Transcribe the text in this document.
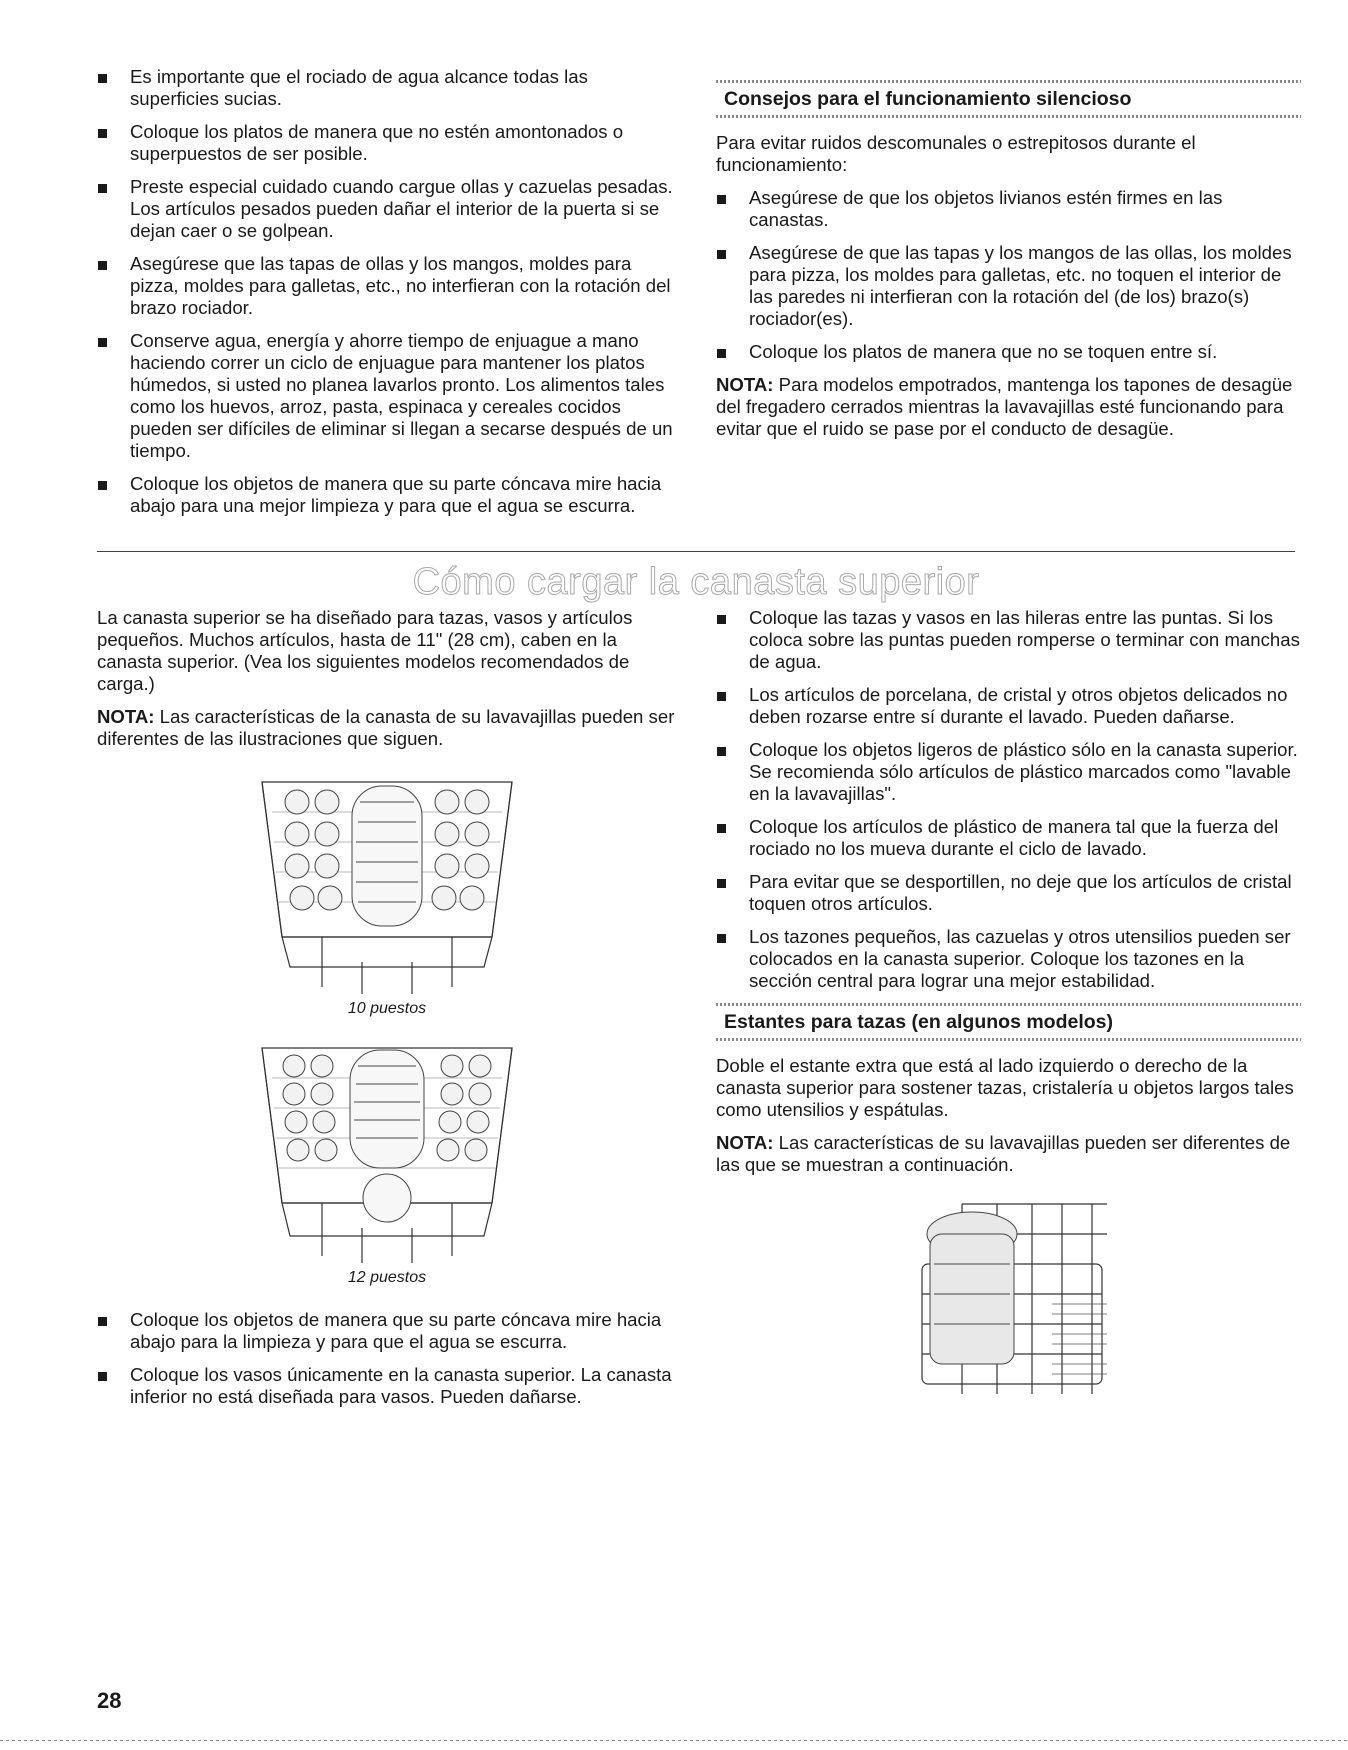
Es importante que el rociado de agua alcance todas las superficies sucias.
Coloque los platos de manera que no estén amontonados o superpuestos de ser posible.
Preste especial cuidado cuando cargue ollas y cazuelas pesadas. Los artículos pesados pueden dañar el interior de la puerta si se dejan caer o se golpean.
Asegúrese que las tapas de ollas y los mangos, moldes para pizza, moldes para galletas, etc., no interfieran con la rotación del brazo rociador.
Conserve agua, energía y ahorre tiempo de enjuague a mano haciendo correr un ciclo de enjuague para mantener los platos húmedos, si usted no planea lavarlos pronto. Los alimentos tales como los huevos, arroz, pasta, espinaca y cereales cocidos pueden ser difíciles de eliminar si llegan a secarse después de un tiempo.
Coloque los objetos de manera que su parte cóncava mire hacia abajo para una mejor limpieza y para que el agua se escurra.
Consejos para el funcionamiento silencioso

Para evitar ruidos descomunales o estrepitosos durante el funcionamiento:

Asegúrese de que los objetos livianos estén firmes en las canastas.
Asegúrese de que las tapas y los mangos de las ollas, los moldes para pizza, los moldes para galletas, etc. no toquen el interior de las paredes ni interfieran con la rotación del (de los) brazo(s) rociador(es).
Coloque los platos de manera que no se toquen entre sí.

NOTA: Para modelos empotrados, mantenga los tapones de desagüe del fregadero cerrados mientras la lavavajillas esté funcionando para evitar que el ruido se pase por el conducto de desagüe.

Cómo cargar la canasta superior

La canasta superior se ha diseñado para tazas, vasos y artículos pequeños. Muchos artículos, hasta de 11" (28 cm), caben en la canasta superior. (Vea los siguientes modelos recomendados de carga.)

NOTA: Las características de la canasta de su lavavajillas pueden ser diferentes de las ilustraciones que siguen.

10 puestos
12 puestos
Coloque los objetos de manera que su parte cóncava mire hacia abajo para la limpieza y para que el agua se escurra.
Coloque los vasos únicamente en la canasta superior. La canasta inferior no está diseñada para vasos. Pueden dañarse.
Coloque las tazas y vasos en las hileras entre las puntas. Si los coloca sobre las puntas pueden romperse o terminar con manchas de agua.
Los artículos de porcelana, de cristal y otros objetos delicados no deben rozarse entre sí durante el lavado. Pueden dañarse.
Coloque los objetos ligeros de plástico sólo en la canasta superior. Se recomienda sólo artículos de plástico marcados como "lavable en la lavavajillas".
Coloque los artículos de plástico de manera tal que la fuerza del rociado no los mueva durante el ciclo de lavado.
Para evitar que se desportillen, no deje que los artículos de cristal toquen otros artículos.
Los tazones pequeños, las cazuelas y otros utensilios pueden ser colocados en la canasta superior. Coloque los tazones en la sección central para lograr una mejor estabilidad.
Estantes para tazas (en algunos modelos)

Doble el estante extra que está al lado izquierdo o derecho de la canasta superior para sostener tazas, cristalería u objetos largos tales como utensilios y espátulas.

NOTA: Las características de su lavavajillas pueden ser diferentes de las que se muestran a continuación.

28
